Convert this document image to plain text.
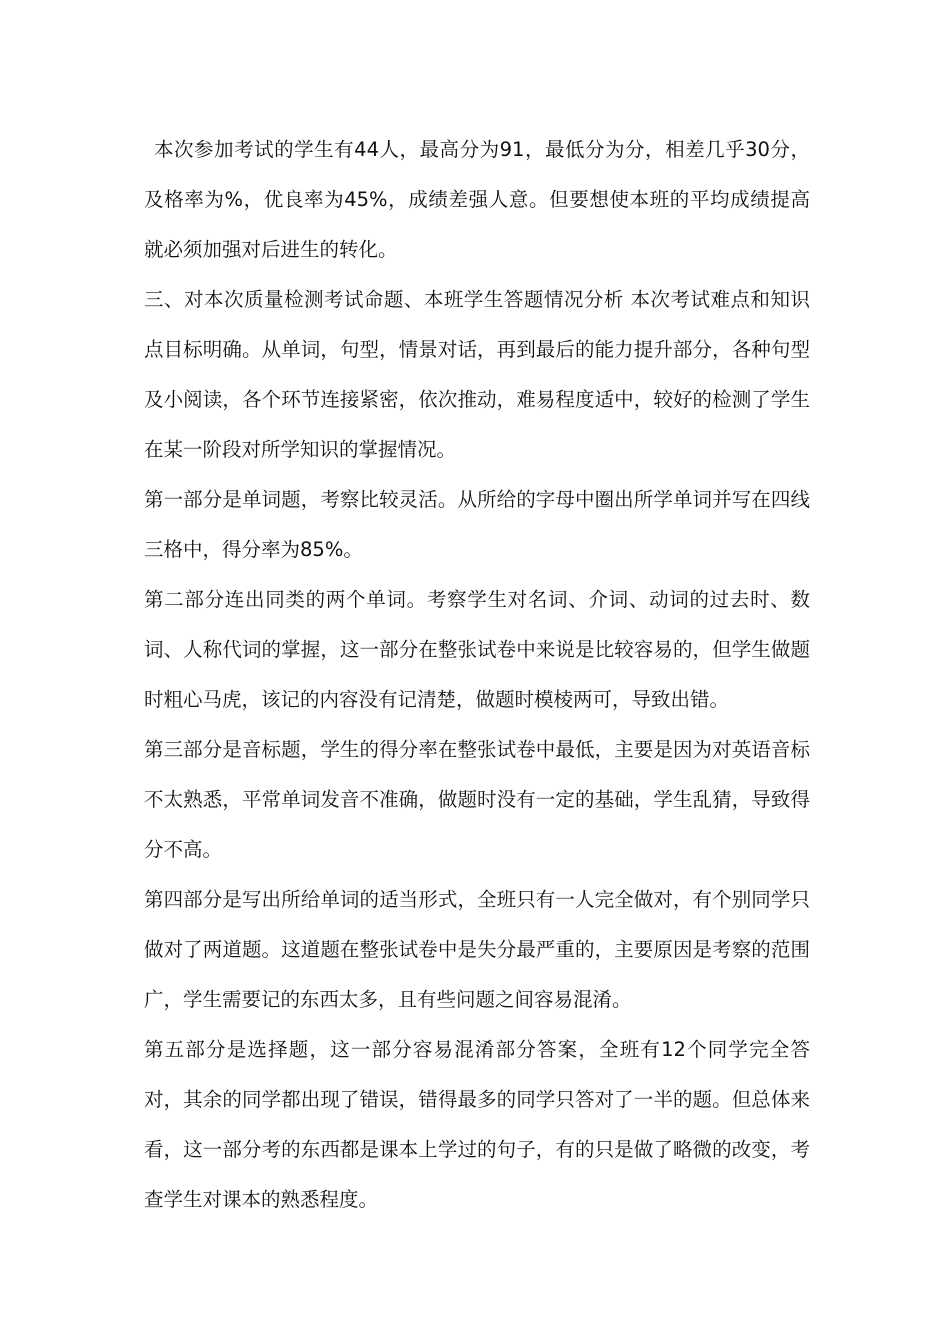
本次参加考试的学生有44人，最高分为91，最低分为分，相差几乎30分，及格率为%，优良率为45%，成绩差强人意。但要想使本班的平均成绩提高就必须加强对后进生的转化。

三、对本次质量检测考试命题、本班学生答题情况分析 本次考试难点和知识点目标明确。从单词，句型，情景对话，再到最后的能力提升部分，各种句型及小阅读，各个环节连接紧密，依次推动，难易程度适中，较好的检测了学生在某一阶段对所学知识的掌握情况。

第一部分是单词题，考察比较灵活。从所给的字母中圈出所学单词并写在四线三格中，得分率为85%。

第二部分连出同类的两个单词。考察学生对名词、介词、动词的过去时、数词、人称代词的掌握，这一部分在整张试卷中来说是比较容易的，但学生做题时粗心马虎，该记的内容没有记清楚，做题时模棱两可，导致出错。

第三部分是音标题，学生的得分率在整张试卷中最低，主要是因为对英语音标不太熟悉，平常单词发音不准确，做题时没有一定的基础，学生乱猜，导致得分不高。

第四部分是写出所给单词的适当形式，全班只有一人完全做对，有个别同学只做对了两道题。这道题在整张试卷中是失分最严重的，主要原因是考察的范围广，学生需要记的东西太多，且有些问题之间容易混淆。

第五部分是选择题，这一部分容易混淆部分答案，全班有12个同学完全答对，其余的同学都出现了错误，错得最多的同学只答对了一半的题。但总体来看，这一部分考的东西都是课本上学过的句子，有的只是做了略微的改变，考查学生对课本的熟悉程度。
